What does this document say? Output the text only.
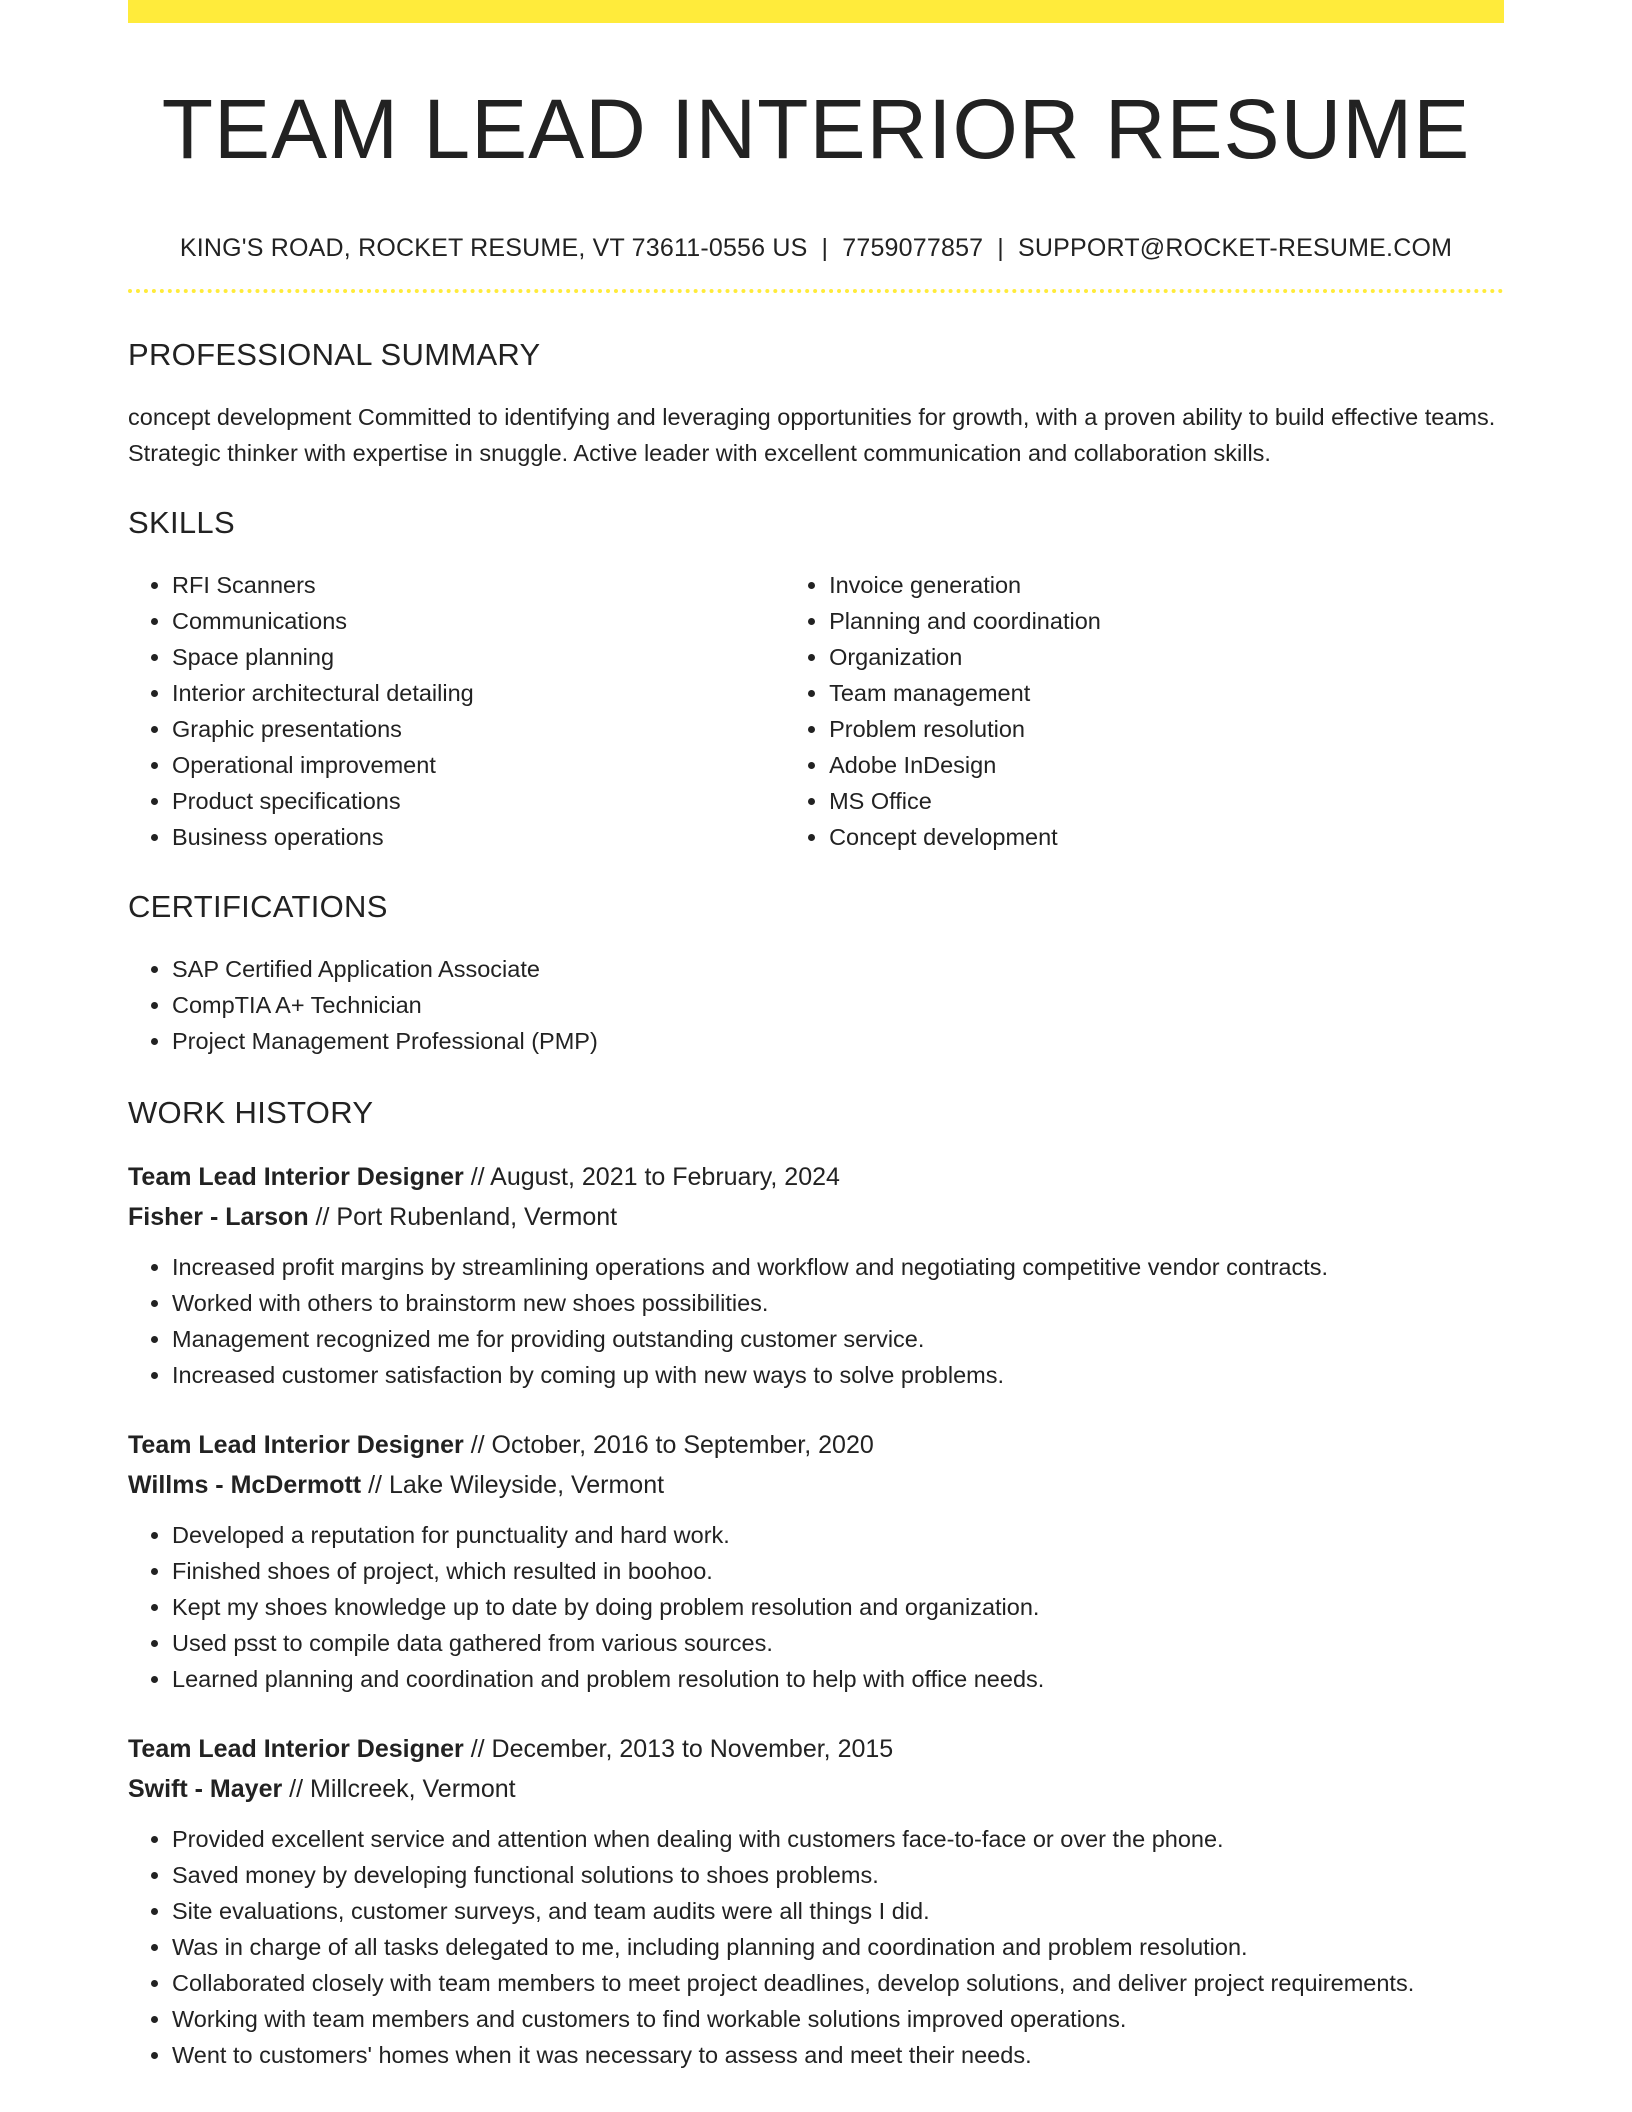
TEAM LEAD INTERIOR RESUME
KING'S ROAD, ROCKET RESUME, VT 73611-0556 US | 7759077857 | SUPPORT@ROCKET-RESUME.COM
PROFESSIONAL SUMMARY

concept development Committed to identifying and leveraging opportunities for growth, with a proven ability to build effective teams. Strategic thinker with expertise in snuggle. Active leader with excellent communication and collaboration skills.

SKILLS
• RFI Scanners
• Communications
• Space planning
• Interior architectural detailing
• Graphic presentations
• Operational improvement
• Product specifications
• Business operations
• Invoice generation
• Planning and coordination
• Organization
• Team management
• Problem resolution
• Adobe InDesign
• MS Office
• Concept development
CERTIFICATIONS
• SAP Certified Application Associate
• CompTIA A+ Technician
• Project Management Professional (PMP)
WORK HISTORY
Team Lead Interior Designer // August, 2021 to February, 2024
Fisher - Larson // Port Rubenland, Vermont
• Increased profit margins by streamlining operations and workflow and negotiating competitive vendor contracts.
• Worked with others to brainstorm new shoes possibilities.
• Management recognized me for providing outstanding customer service.
• Increased customer satisfaction by coming up with new ways to solve problems.
Team Lead Interior Designer // October, 2016 to September, 2020
Willms - McDermott // Lake Wileyside, Vermont
• Developed a reputation for punctuality and hard work.
• Finished shoes of project, which resulted in boohoo.
• Kept my shoes knowledge up to date by doing problem resolution and organization.
• Used psst to compile data gathered from various sources.
• Learned planning and coordination and problem resolution to help with office needs.
Team Lead Interior Designer // December, 2013 to November, 2015
Swift - Mayer // Millcreek, Vermont
• Provided excellent service and attention when dealing with customers face-to-face or over the phone.
• Saved money by developing functional solutions to shoes problems.
• Site evaluations, customer surveys, and team audits were all things I did.
• Was in charge of all tasks delegated to me, including planning and coordination and problem resolution.
• Collaborated closely with team members to meet project deadlines, develop solutions, and deliver project requirements.
• Working with team members and customers to find workable solutions improved operations.
• Went to customers' homes when it was necessary to assess and meet their needs.
